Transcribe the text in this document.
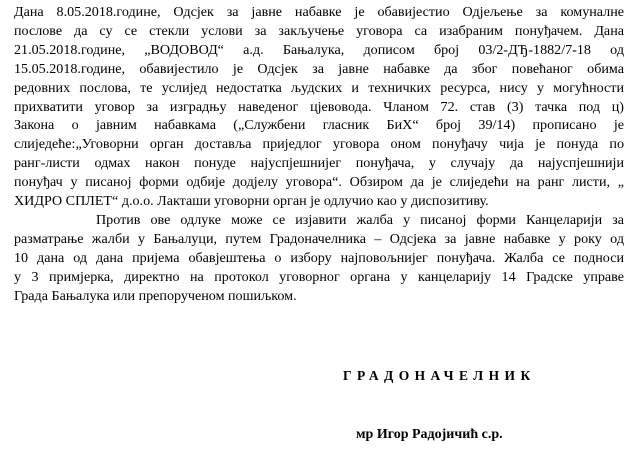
Дана 8.05.2018.године, Одсјек за јавне набавке је обавијестио Одјељење за комуналне
послове да су се стекли услови за закључење уговора са изабраним понуђачем. Дана
21.05.2018.године, „ВОДОВОД“ а.д. Бањалука, дописом број 03/2-ДЂ-1882/7-18 од
15.05.2018.године, обавијестило је Одсјек за јавне набавке да због повећаног обима
редовних послова, те услијед недостатка људских и техничких ресурса, нису у могућности
прихватити уговор за изградњу наведеног цјевовода. Чланом 72. став (3) тачка под ц)
Закона о јавним набавкама („Службени гласник БиХ“ број 39/14) прописано је
слиједеће:„Уговорни орган доставља приједлог уговора оном понуђачу чија је понуда по
ранг-листи одмах након понуде најуспјешнијег понуђача, у случају да најуспјешнији
понуђач у писаној форми одбије додјелу уговора“. Обзиром да је слиједећи на ранг листи, „
ХИДРО СПЛЕТ“ д.о.о. Лакташи уговорни орган је одлучио као у диспозитиву.
Против ове одлуке може се изјавити жалба у писаној форми Канцеларији за
разматрање жалби у Бањалуци, путем Градоначелника – Одсјека за јавне набавке у року од
10 дана од дана пријема обавјештења о избору најповољнијег понуђача. Жалба се подноси
у 3 примјерка, директно на протокол уговорног органа у канцеларију 14 Градске управе
Града Бањалука или препорученом пошиљком.

ГРАДОНАЧЕЛНИК

мр Игор Радојичић с.р.
